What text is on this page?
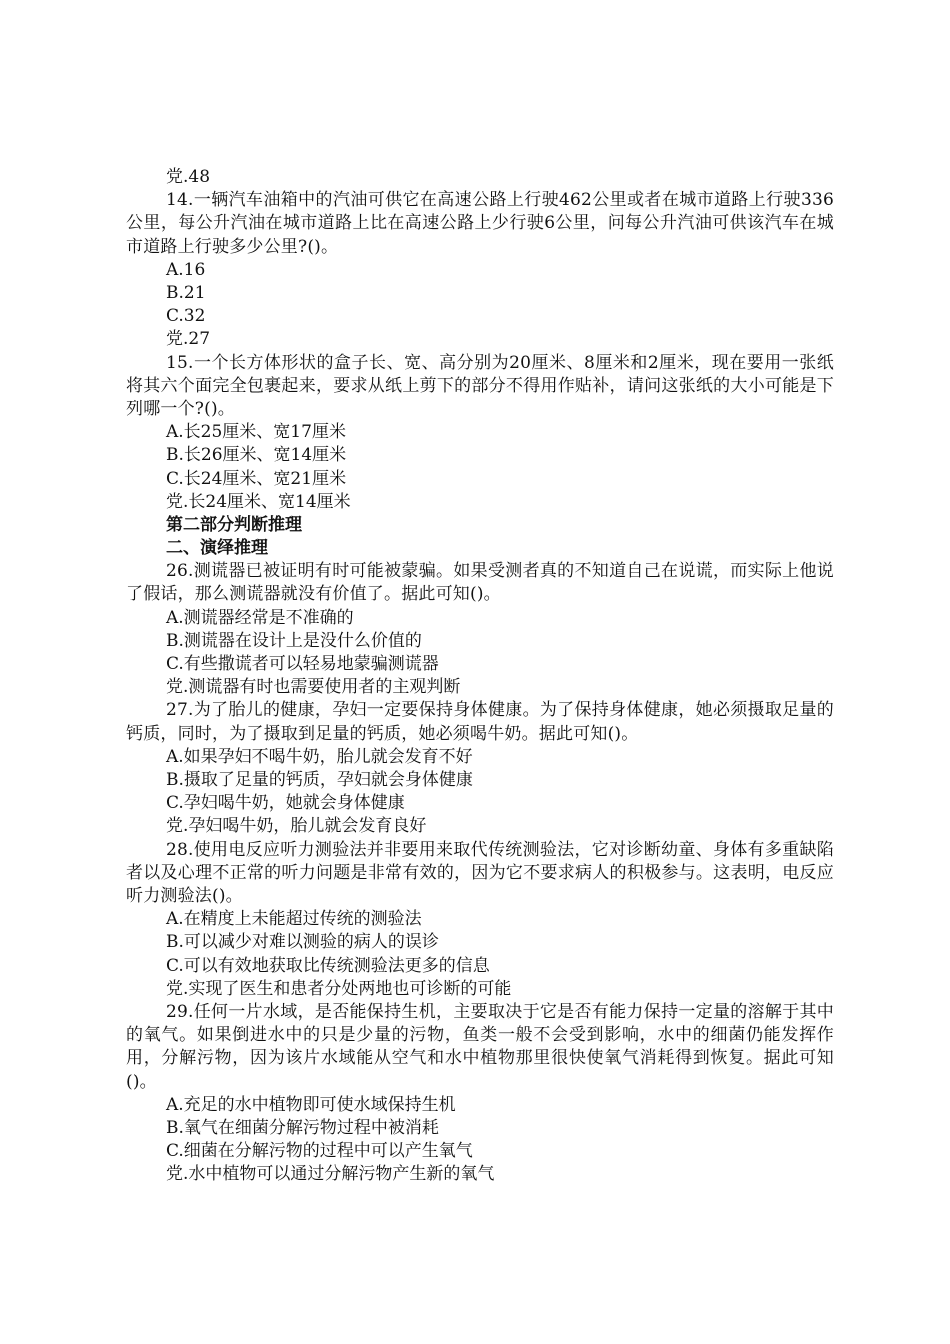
党.48
14.一辆汽车油箱中的汽油可供它在高速公路上行驶462公里或者在城市道路上行驶336公里，每公升汽油在城市道路上比在高速公路上少行驶6公里，问每公升汽油可供该汽车在城市道路上行驶多少公里?()。
A.16
B.21
C.32
党.27
15.一个长方体形状的盒子长、宽、高分别为20厘米、8厘米和2厘米，现在要用一张纸将其六个面完全包裹起来，要求从纸上剪下的部分不得用作贴补，请问这张纸的大小可能是下列哪一个?()。
A.长25厘米、宽17厘米
B.长26厘米、宽14厘米
C.长24厘米、宽21厘米
党.长24厘米、宽14厘米
第二部分判断推理
二、演绎推理
26.测谎器已被证明有时可能被蒙骗。如果受测者真的不知道自己在说谎，而实际上他说了假话，那么测谎器就没有价值了。据此可知()。
A.测谎器经常是不准确的
B.测谎器在设计上是没什么价值的
C.有些撒谎者可以轻易地蒙骗测谎器
党.测谎器有时也需要使用者的主观判断
27.为了胎儿的健康，孕妇一定要保持身体健康。为了保持身体健康，她必须摄取足量的钙质，同时，为了摄取到足量的钙质，她必须喝牛奶。据此可知()。
A.如果孕妇不喝牛奶，胎儿就会发育不好
B.摄取了足量的钙质，孕妇就会身体健康
C.孕妇喝牛奶，她就会身体健康
党.孕妇喝牛奶，胎儿就会发育良好
28.使用电反应听力测验法并非要用来取代传统测验法，它对诊断幼童、身体有多重缺陷者以及心理不正常的听力问题是非常有效的，因为它不要求病人的积极参与。这表明，电反应听力测验法()。
A.在精度上未能超过传统的测验法
B.可以减少对难以测验的病人的误诊
C.可以有效地获取比传统测验法更多的信息
党.实现了医生和患者分处两地也可诊断的可能
29.任何一片水域，是否能保持生机，主要取决于它是否有能力保持一定量的溶解于其中的氧气。如果倒进水中的只是少量的污物，鱼类一般不会受到影响，水中的细菌仍能发挥作用，分解污物，因为该片水域能从空气和水中植物那里很快使氧气消耗得到恢复。据此可知()。
A.充足的水中植物即可使水域保持生机
B.氧气在细菌分解污物过程中被消耗
C.细菌在分解污物的过程中可以产生氧气
党.水中植物可以通过分解污物产生新的氧气
